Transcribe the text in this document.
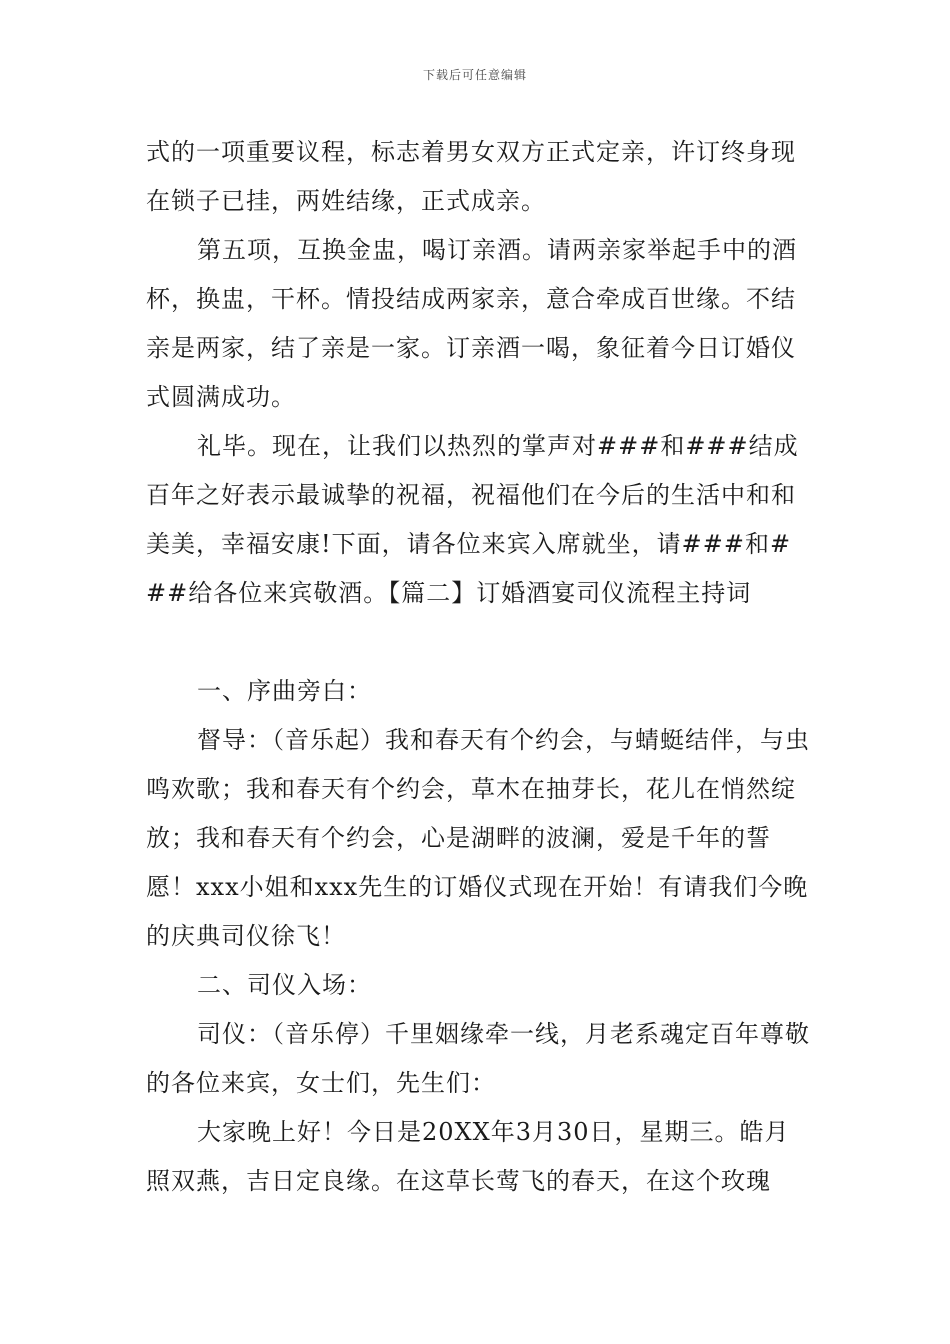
下载后可任意编辑

式的一项重要议程，标志着男女双方正式定亲，许订终身现在锁子已挂，两姓结缘，正式成亲。

第五项，互换金盅，喝订亲酒。请两亲家举起手中的酒杯，换盅，干杯。情投结成两家亲，意合牵成百世缘。不结亲是两家，结了亲是一家。订亲酒一喝，象征着今日订婚仪式圆满成功。

礼毕。现在，让我们以热烈的掌声对###和###结成百年之好表示最诚挚的祝福，祝福他们在今后的生活中和和美美，幸福安康!下面，请各位来宾入席就坐，请###和###给各位来宾敬酒。【篇二】订婚酒宴司仪流程主持词

一、序曲旁白：

督导：（音乐起）我和春天有个约会，与蜻蜓结伴，与虫鸣欢歌；我和春天有个约会，草木在抽芽长，花儿在悄然绽放；我和春天有个约会，心是湖畔的波澜，爱是千年的誓愿！xxx小姐和xxx先生的订婚仪式现在开始！有请我们今晚的庆典司仪徐飞！

二、司仪入场：

司仪：（音乐停）千里姻缘牵一线，月老系魂定百年尊敬的各位来宾，女士们，先生们：

大家晚上好！今日是20XX年3月30日，星期三。皓月照双燕，吉日定良缘。在这草长莺飞的春天，在这个玫瑰
